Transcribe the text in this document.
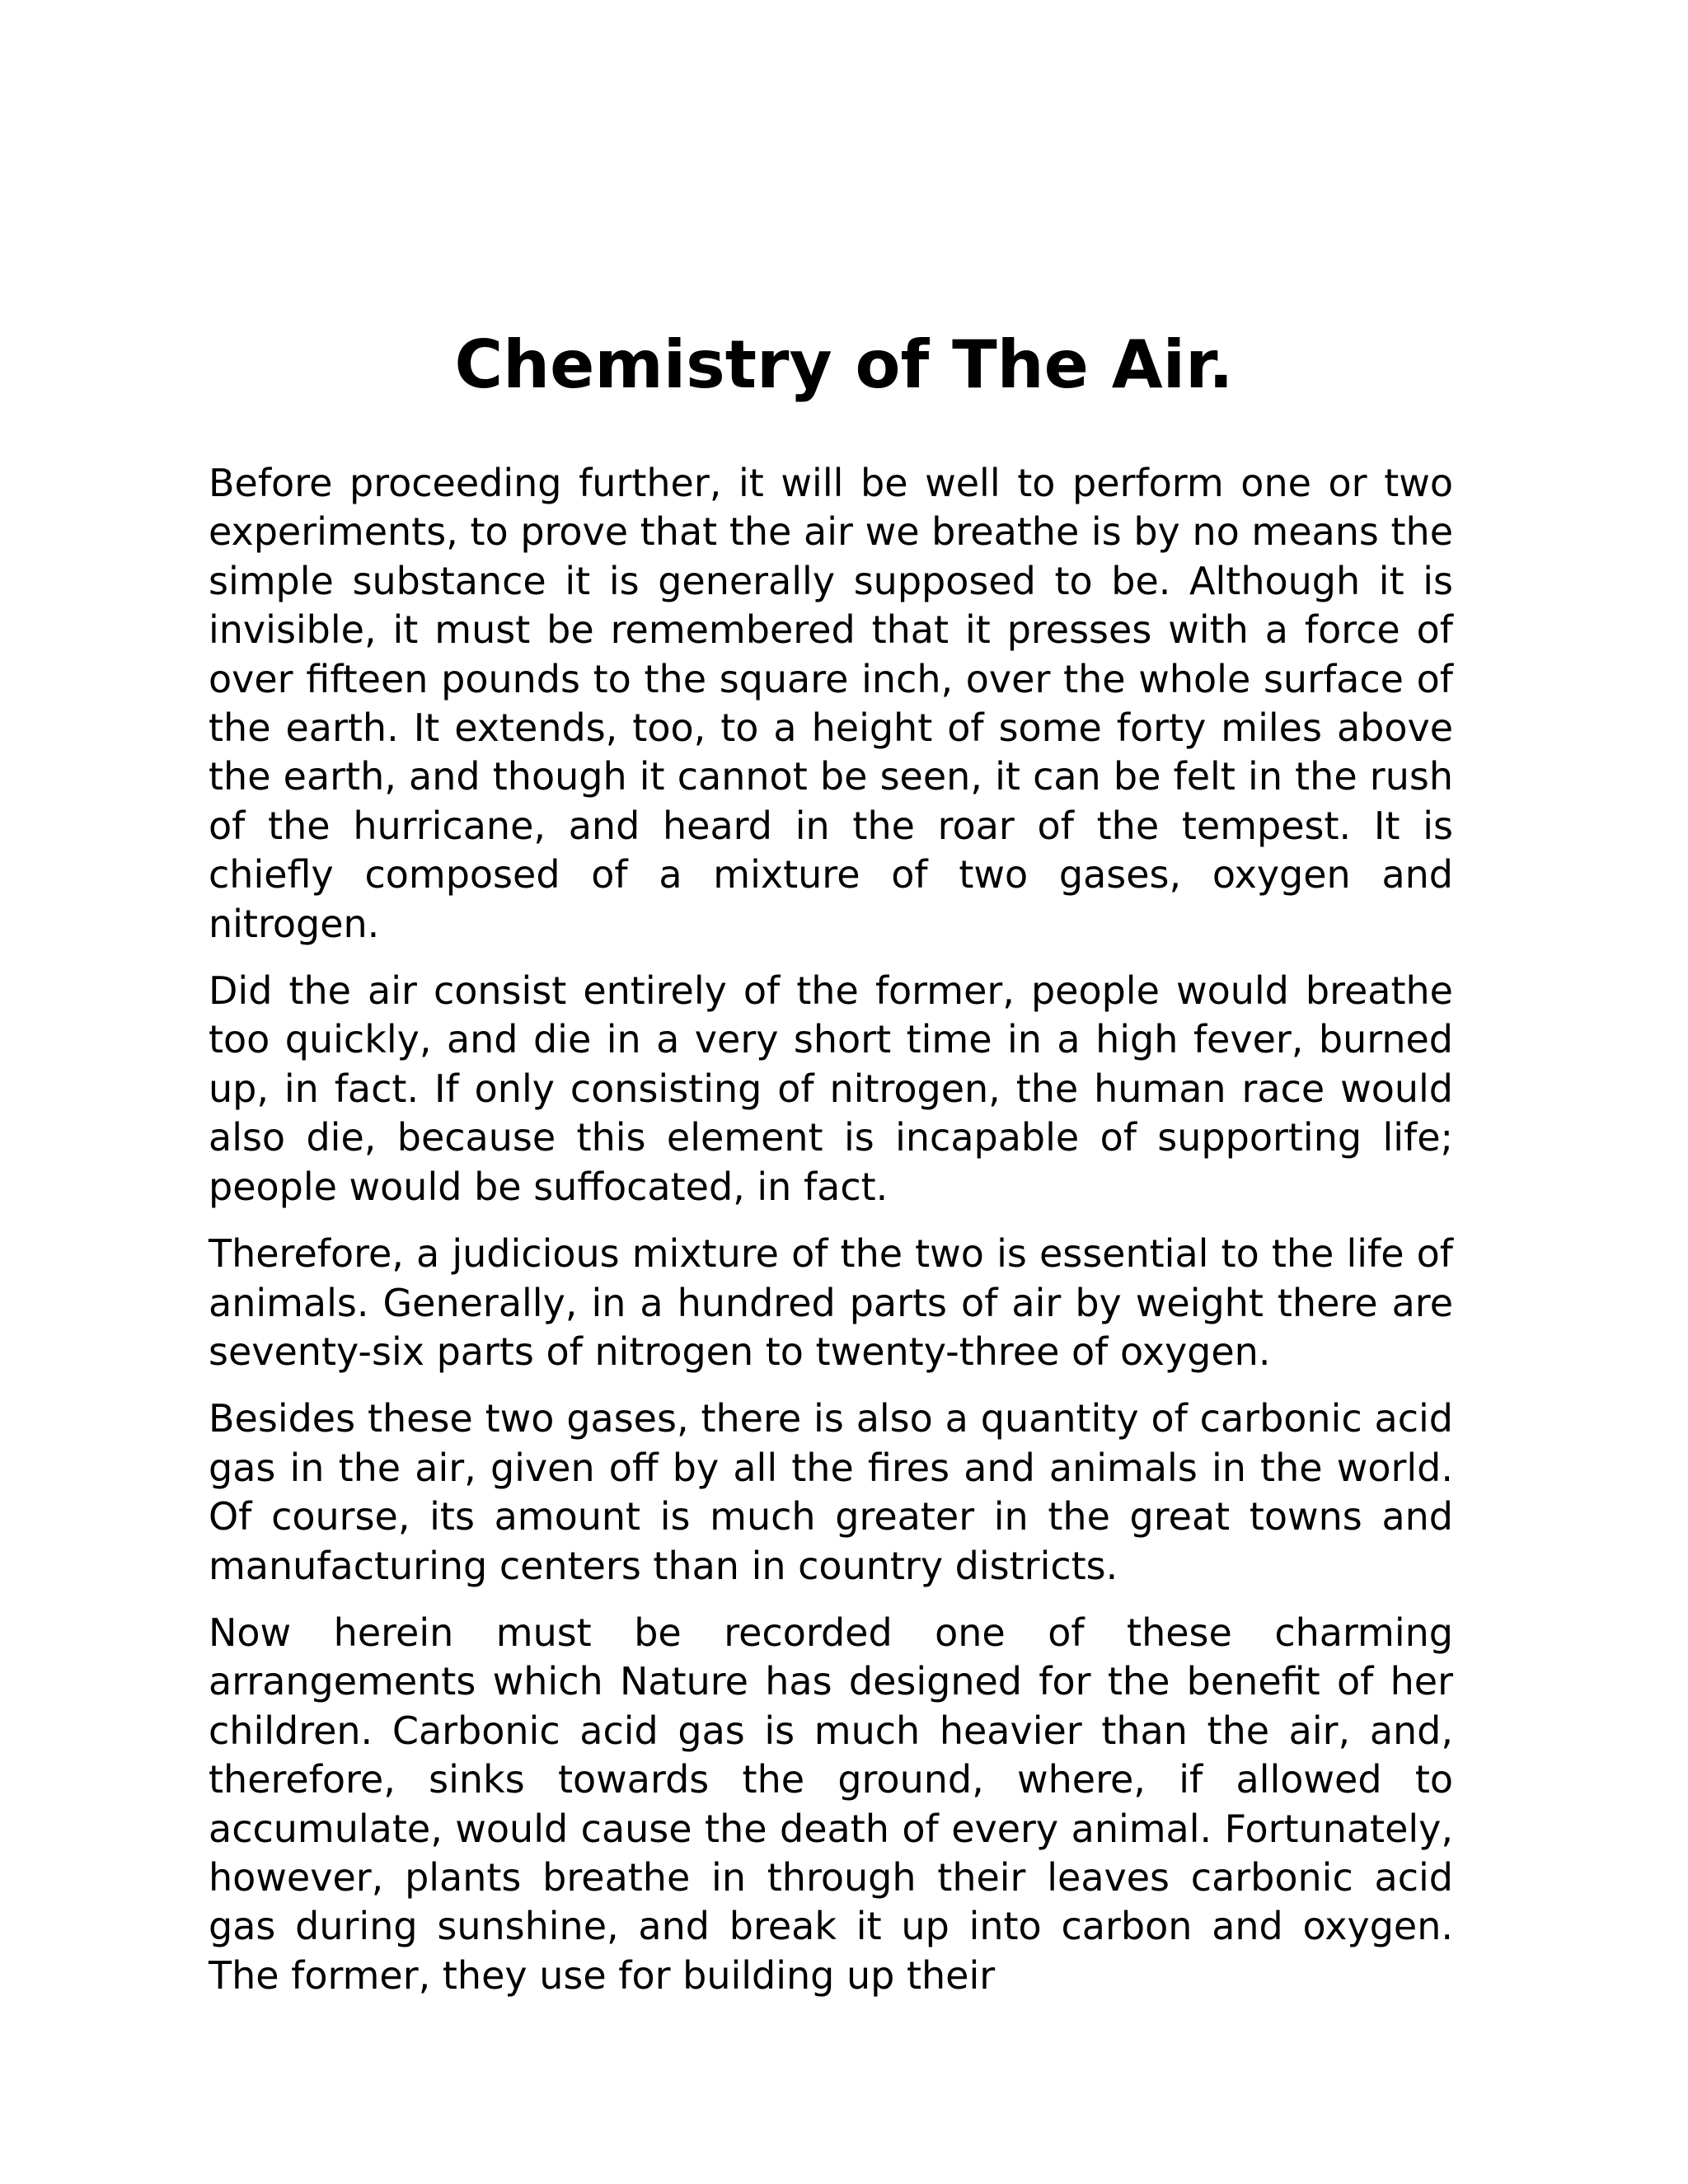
Chemistry of The Air.

Before proceeding further, it will be well to perform one or two experiments, to prove that the air we breathe is by no means the simple substance it is generally supposed to be. Although it is invisible, it must be remembered that it presses with a force of over fifteen pounds to the square inch, over the whole surface of the earth. It extends, too, to a height of some forty miles above the earth, and though it cannot be seen, it can be felt in the rush of the hurricane, and heard in the roar of the tempest. It is chiefly composed of a mixture of two gases, oxygen and nitrogen.

Did the air consist entirely of the former, people would breathe too quickly, and die in a very short time in a high fever, burned up, in fact. If only consisting of nitrogen, the human race would also die, because this element is incapable of supporting life; people would be suffocated, in fact.

Therefore, a judicious mixture of the two is essential to the life of animals. Generally, in a hundred parts of air by weight there are seventy-six parts of nitrogen to twenty-three of oxygen.

Besides these two gases, there is also a quantity of carbonic acid gas in the air, given off by all the fires and animals in the world. Of course, its amount is much greater in the great towns and manufacturing centers than in country districts.

Now herein must be recorded one of these charming arrangements which Nature has designed for the benefit of her children. Carbonic acid gas is much heavier than the air, and, therefore, sinks towards the ground, where, if allowed to accumulate, would cause the death of every animal. Fortunately, however, plants breathe in through their leaves carbonic acid gas during sunshine, and break it up into carbon and oxygen. The former, they use for building up their
